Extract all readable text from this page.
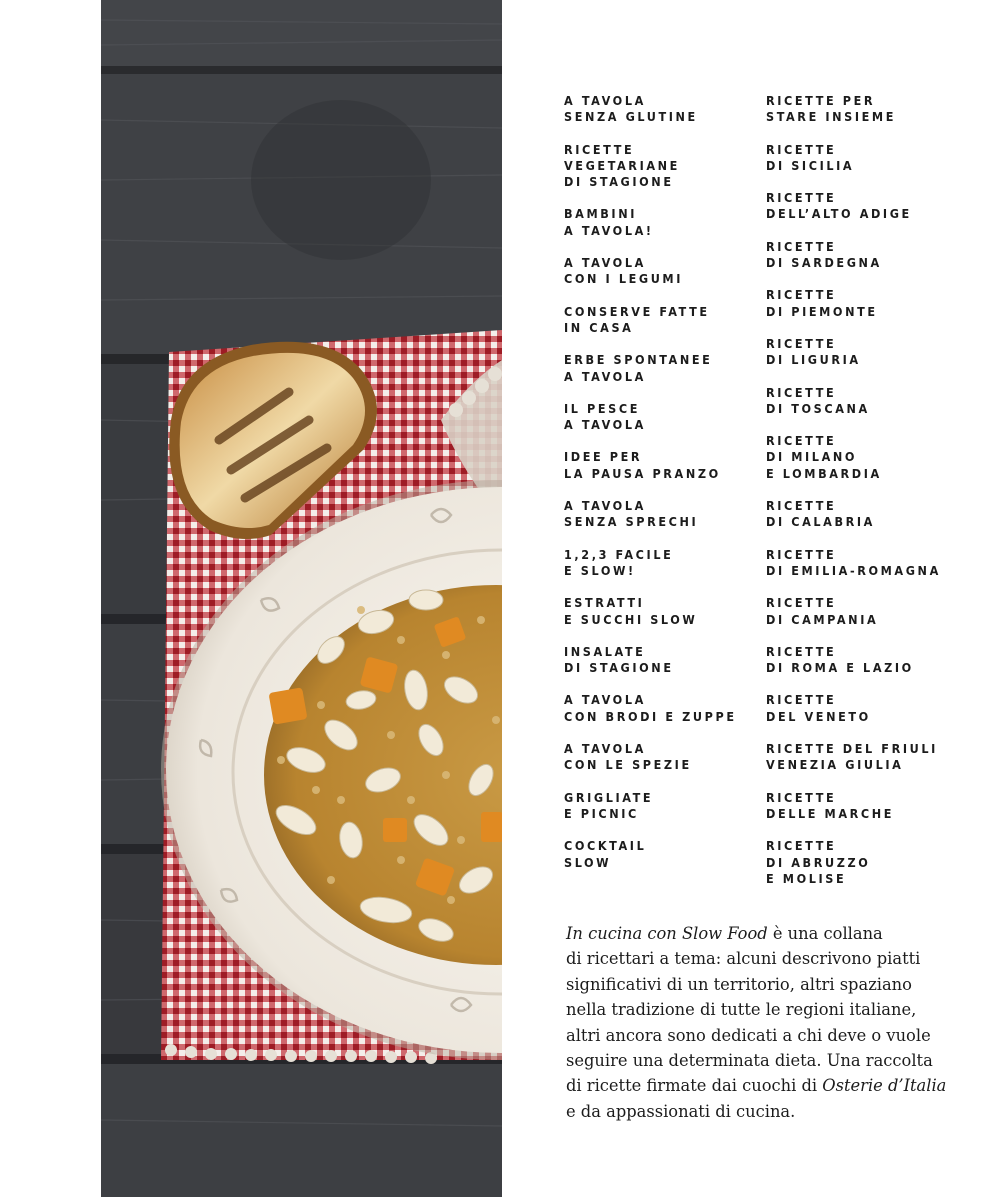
A TAVOLA
SENZA GLUTINE
RICETTE
VEGETARIANE
DI STAGIONE
BAMBINI
A TAVOLA!
A TAVOLA
CON I LEGUMI
CONSERVE FATTE
IN CASA
ERBE SPONTANEE
A TAVOLA
IL PESCE
A TAVOLA
IDEE PER
LA PAUSA PRANZO
A TAVOLA
SENZA SPRECHI
1,2,3 FACILE
E SLOW!
ESTRATTI
E SUCCHI SLOW
INSALATE
DI STAGIONE
A TAVOLA
CON BRODI E ZUPPE
A TAVOLA
CON LE SPEZIE
GRIGLIATE
E PICNIC
COCKTAIL
SLOW
RICETTE PER
STARE INSIEME
RICETTE
DI SICILIA
RICETTE
DELL’ALTO ADIGE
RICETTE
DI SARDEGNA
RICETTE
DI PIEMONTE
RICETTE
DI LIGURIA
RICETTE
DI TOSCANA
RICETTE
DI MILANO
E LOMBARDIA
RICETTE
DI CALABRIA
RICETTE
DI EMILIA-ROMAGNA
RICETTE
DI CAMPANIA
RICETTE
DI ROMA E LAZIO
RICETTE
DEL VENETO
RICETTE DEL FRIULI
VENEZIA GIULIA
RICETTE
DELLE MARCHE
RICETTE
DI ABRUZZO
E MOLISE
In cucina con Slow Food è una collana
di ricettari a tema: alcuni descrivono piatti
significativi di un territorio, altri spaziano
nella tradizione di tutte le regioni italiane,
altri ancora sono dedicati a chi deve o vuole
seguire una determinata dieta. Una raccolta
di ricette firmate dai cuochi di Osterie d’Italia
e da appassionati di cucina.
